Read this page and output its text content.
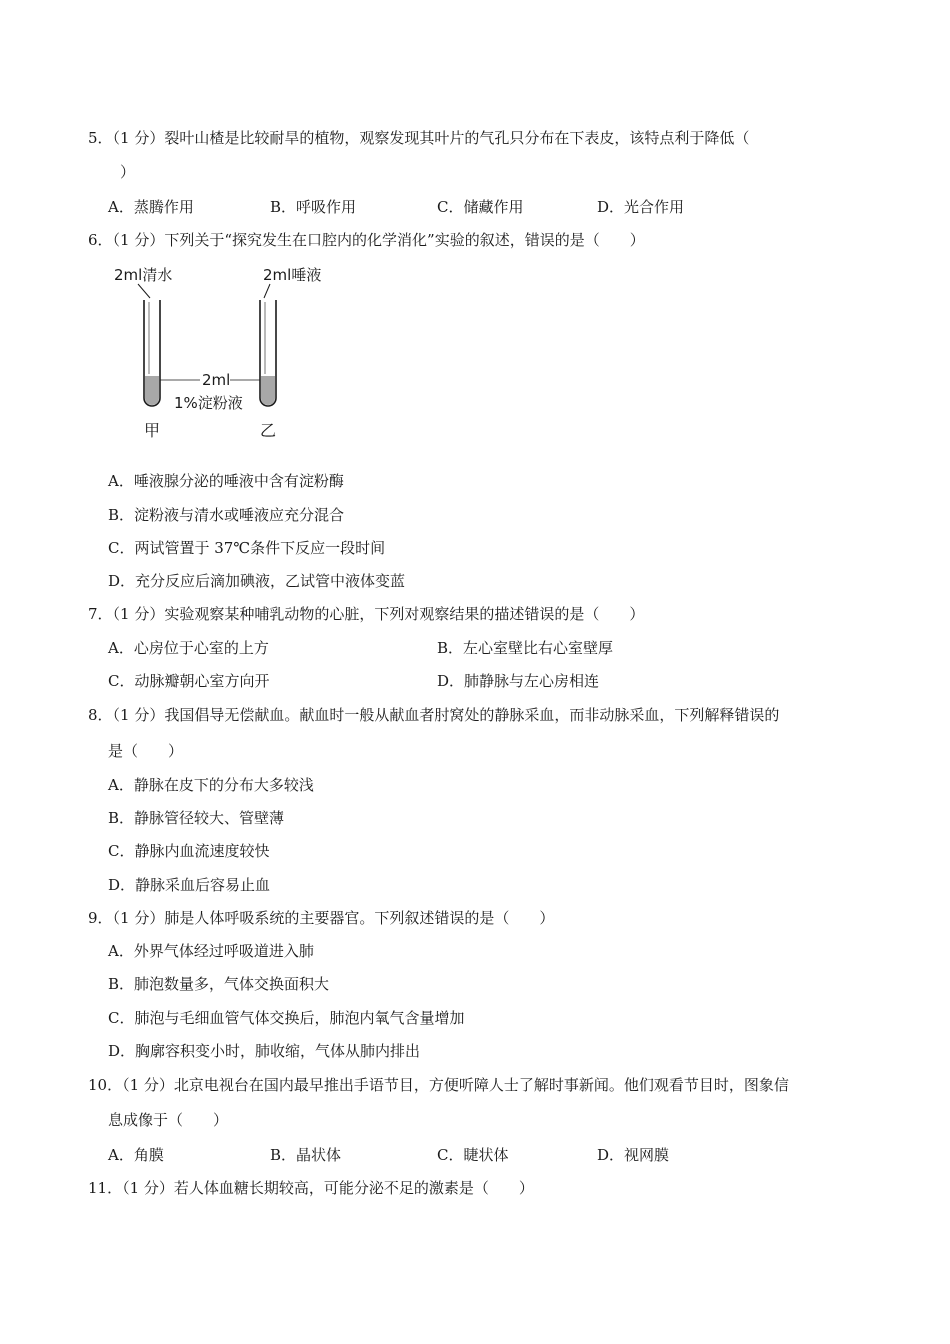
5．（1 分）裂叶山楂是比较耐旱的植物，观察发现其叶片的气孔只分布在下表皮，该特点利于降低（
）
A．蒸腾作用	B．呼吸作用	C．储藏作用	D．光合作用
6．（1 分）下列关于“探究发生在口腔内的化学消化”实验的叙述，错误的是（　　）
2ml清水	2ml唾液
2ml
1%淀粉液
甲	乙
A．唾液腺分泌的唾液中含有淀粉酶
B．淀粉液与清水或唾液应充分混合
C．两试管置于 37℃条件下反应一段时间
D．充分反应后滴加碘液，乙试管中液体变蓝
7．（1 分）实验观察某种哺乳动物的心脏，下列对观察结果的描述错误的是（　　）
A．心房位于心室的上方	B．左心室壁比右心室壁厚
C．动脉瓣朝心室方向开	D．肺静脉与左心房相连
8．（1 分）我国倡导无偿献血。献血时一般从献血者肘窝处的静脉采血，而非动脉采血，下列解释错误的
是（　　）
A．静脉在皮下的分布大多较浅
B．静脉管径较大、管壁薄
C．静脉内血流速度较快
D．静脉采血后容易止血
9．（1 分）肺是人体呼吸系统的主要器官。下列叙述错误的是（　　）
A．外界气体经过呼吸道进入肺
B．肺泡数量多，气体交换面积大
C．肺泡与毛细血管气体交换后，肺泡内氧气含量增加
D．胸廓容积变小时，肺收缩，气体从肺内排出
10．（1 分）北京电视台在国内最早推出手语节目，方便听障人士了解时事新闻。他们观看节目时，图象信
息成像于（　　）
A．角膜	B．晶状体	C．睫状体	D．视网膜
11．（1 分）若人体血糖长期较高，可能分泌不足的激素是（　　）
